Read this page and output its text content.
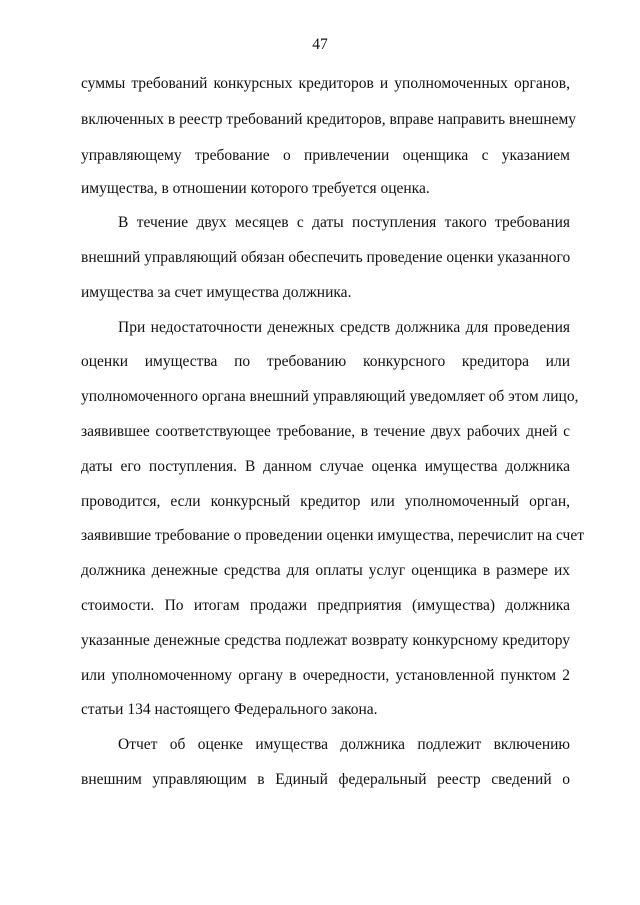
47
суммы требований конкурсных кредиторов и уполномоченных органов,
включенных в реестр требований кредиторов, вправе направить внешнему
управляющему требование о привлечении оценщика с указанием
имущества, в отношении которого требуется оценка.
В течение двух месяцев с даты поступления такого требования
внешний управляющий обязан обеспечить проведение оценки указанного
имущества за счет имущества должника.
При недостаточности денежных средств должника для проведения
оценки имущества по требованию конкурсного кредитора или
уполномоченного органа внешний управляющий уведомляет об этом лицо,
заявившее соответствующее требование, в течение двух рабочих дней с
даты его поступления. В данном случае оценка имущества должника
проводится, если конкурсный кредитор или уполномоченный орган,
заявившие требование о проведении оценки имущества, перечислит на счет
должника денежные средства для оплаты услуг оценщика в размере их
стоимости. По итогам продажи предприятия (имущества) должника
указанные денежные средства подлежат возврату конкурсному кредитору
или уполномоченному органу в очередности, установленной пунктом 2
статьи 134 настоящего Федерального закона.
Отчет об оценке имущества должника подлежит включению
внешним управляющим в Единый федеральный реестр сведений о
